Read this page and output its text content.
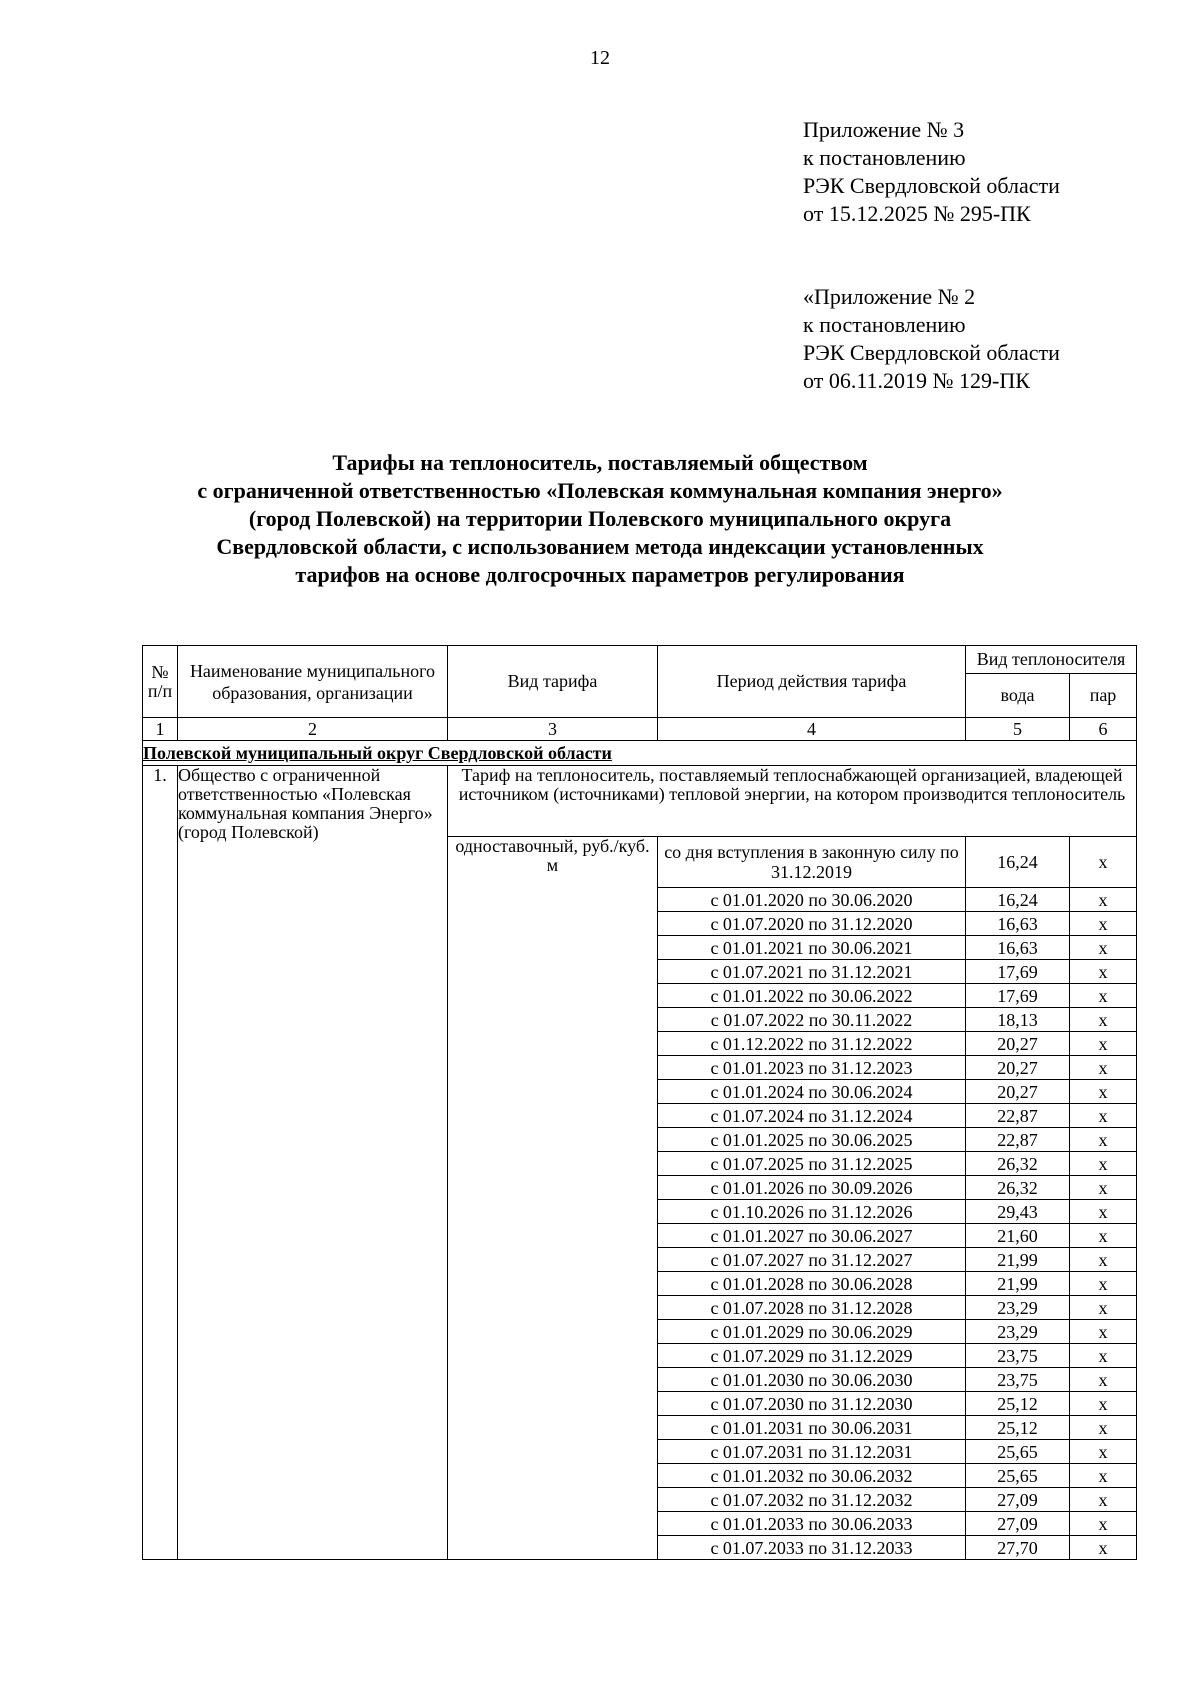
12
Приложение № 3
к постановлению
РЭК Свердловской области
от 15.12.2025 № 295-ПК
«Приложение № 2
к постановлению
РЭК Свердловской области
от 06.11.2019 № 129-ПК
Тарифы на теплоноситель, поставляемый обществом
с ограниченной ответственностью «Полевская коммунальная компания энерго»
(город Полевской) на территории Полевского муниципального округа
Свердловской области, с использованием метода индексации установленных
тарифов на основе долгосрочных параметров регулирования
№ п/п	Наименование муниципального образования, организации	Вид тарифа	Период действия тарифа	Вид теплоносителя	
				вода	пар
1	2	3	4	5	6
Полевской муниципальный округ Свердловской области					
1.	Общество с ограниченной ответственностью «Полевская коммунальная компания Энерго» (город Полевской)	Тариф на теплоноситель, поставляемый теплоснабжающей организацией, владеющей источником (источниками) тепловой энергии, на котором производится теплоноситель			
		одноставочный, руб./куб. м	со дня вступления в законную силу по 31.12.2019	16,24	х
			с 01.01.2020 по 30.06.2020	16,24	х
			с 01.07.2020 по 31.12.2020	16,63	х
			с 01.01.2021 по 30.06.2021	16,63	х
			с 01.07.2021 по 31.12.2021	17,69	х
			с 01.01.2022 по 30.06.2022	17,69	х
			с 01.07.2022 по 30.11.2022	18,13	х
			с 01.12.2022 по 31.12.2022	20,27	х
			с 01.01.2023 по 31.12.2023	20,27	х
			с 01.01.2024 по 30.06.2024	20,27	х
			с 01.07.2024 по 31.12.2024	22,87	х
			с 01.01.2025 по 30.06.2025	22,87	х
			с 01.07.2025 по 31.12.2025	26,32	х
			с 01.01.2026 по 30.09.2026	26,32	х
			с 01.10.2026 по 31.12.2026	29,43	х
			с 01.01.2027 по 30.06.2027	21,60	х
			с 01.07.2027 по 31.12.2027	21,99	х
			с 01.01.2028 по 30.06.2028	21,99	х
			с 01.07.2028 по 31.12.2028	23,29	х
			с 01.01.2029 по 30.06.2029	23,29	х
			с 01.07.2029 по 31.12.2029	23,75	х
			с 01.01.2030 по 30.06.2030	23,75	х
			с 01.07.2030 по 31.12.2030	25,12	х
			с 01.01.2031 по 30.06.2031	25,12	х
			с 01.07.2031 по 31.12.2031	25,65	х
			с 01.01.2032 по 30.06.2032	25,65	х
			с 01.07.2032 по 31.12.2032	27,09	х
			с 01.01.2033 по 30.06.2033	27,09	х
			с 01.07.2033 по 31.12.2033	27,70	х
